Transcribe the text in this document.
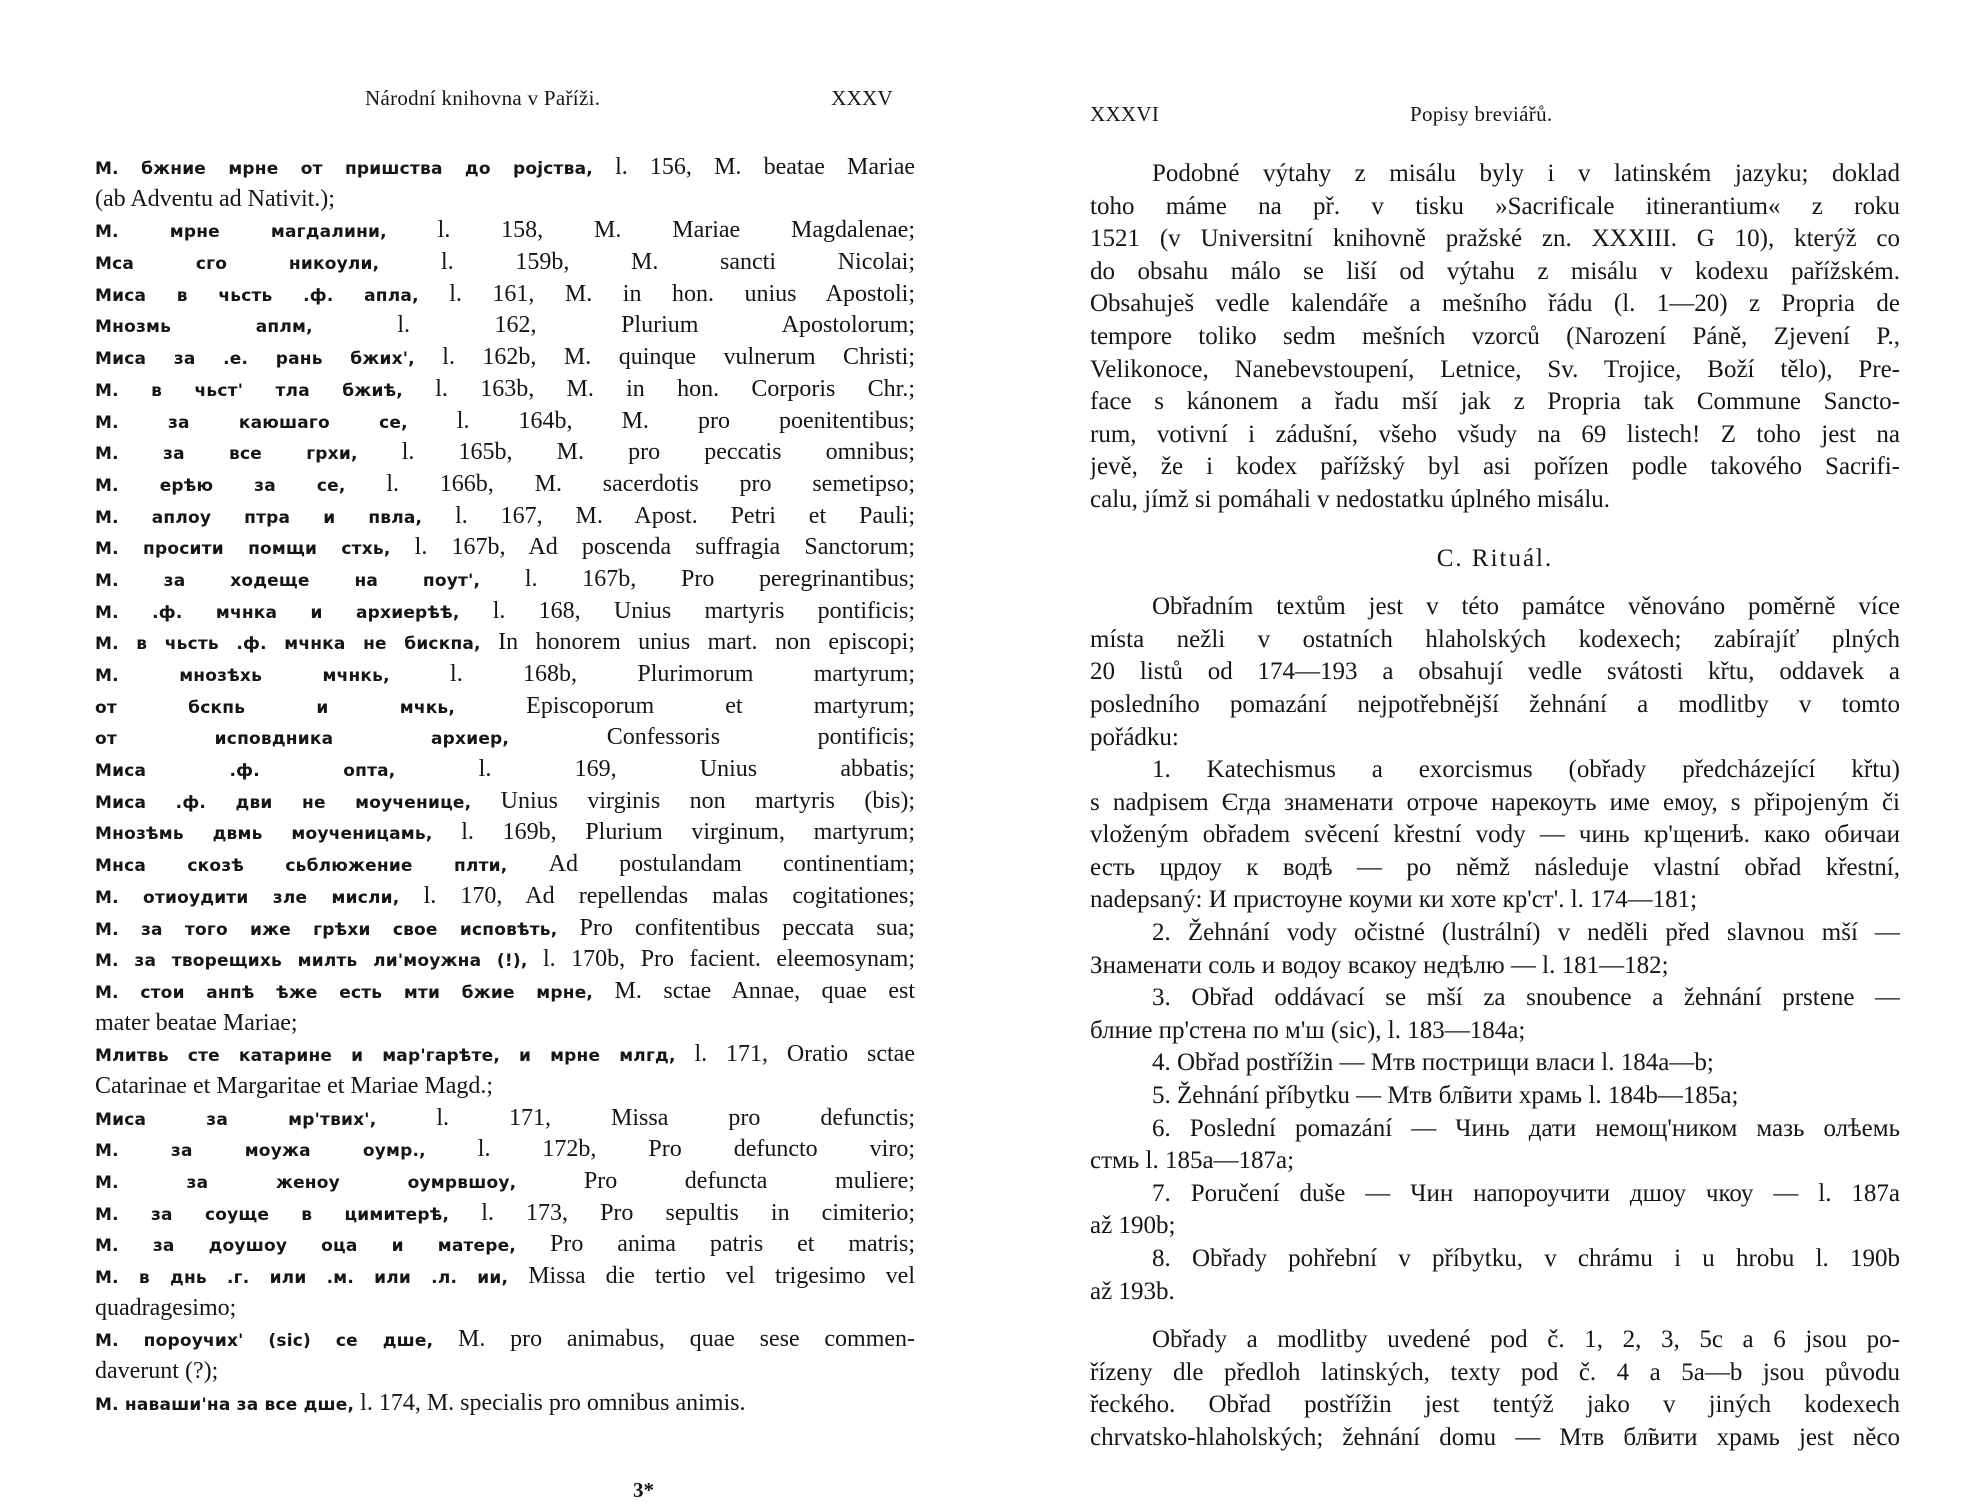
Národní knihovna v Paříži.	XXXV
М. бжние мрне от пришства до ројства, l. 156, M. beatae Mariae
(ab Adventu ad Nativit.);
М. мрне магдалини, l. 158, M. Mariae Magdalenae;
Мса сго никоули, l. 159b, M. sancti Nicolai;
Миса в чьсть .ф. апла, l. 161, M. in hon. unius Apostoli;
Мнозмь аплм, l. 162, Plurium Apostolorum;
Миса за .е. рань бжих', l. 162b, M. quinque vulnerum Christi;
М. в чьст' тла бжиѣ, l. 163b, M. in hon. Corporis Chr.;
М. за каюшаго се, l. 164b, M. pro poenitentibus;
М. за все грхи, l. 165b, M. pro peccatis omnibus;
М. ерѣю за се, l. 166b, M. sacerdotis pro semetipso;
М. аплоу птра и пвла, l. 167, M. Apost. Petri et Pauli;
М. просити помщи стхь, l. 167b, Ad poscenda suffragia Sanctorum;
М. за ходеще на поут', l. 167b, Pro peregrinantibus;
М. .ф. мчнка и архиерѣѣ, l. 168, Unius martyris pontificis;
М. в чьсть .ф. мчнка не бискпа, In honorem unius mart. non episcopi;
М. мнозѣхь мчнкь, l. 168b, Plurimorum martyrum;
от бскпь и мчкь, Episcoporum et martyrum;
от исповдника архиер, Confessoris pontificis;
Миса .ф. опта, l. 169, Unius abbatis;
Миса .ф. дви не моученице, Unius virginis non martyris (bis);
Мнозѣмь двмь моученицамь, l. 169b, Plurium virginum, martyrum;
Мнса скозѣ сьблюжение плти, Ad postulandam continentiam;
М. отиоудити зле мисли, l. 170, Ad repellendas malas cogitationes;
М. за того иже грѣхи свое исповѣть, Pro confitentibus peccata sua;
М. за творещихь милть ли'моужна (!), l. 170b, Pro facient. eleemosynam;
М. стои анпѣ ѣже есть мти бжие мрне, M. sctae Annae, quae est
mater beatae Mariae;
Млитвь сте катарине и мар'гарѣте, и мрне млгд, l. 171, Oratio sctae
Catarinae et Margaritae et Mariae Magd.;
Миса за мр'твих', l. 171, Missa pro defunctis;
М. за моужа оумр., l. 172b, Pro defuncto viro;
М. за женоу оумрвшоу, Pro defuncta muliere;
М. за соуще в цимитерѣ, l. 173, Pro sepultis in cimiterio;
М. за доушоу оца и матере, Pro anima patris et matris;
М. в днь .г. или .м. или .л. ии, Missa die tertio vel trigesimo vel
quadragesimo;
М. пороучих' (sic) се дше, M. pro animabus, quae sese commen-
daverunt (?);
М. наваши'на за все дше, l. 174, M. specialis pro omnibus animis.
3*
XXXVI	Popisy breviářů.
Podobné výtahy z misálu byly i v latinském jazyku; doklad
toho máme na př. v tisku »Sacrificale itinerantium« z roku
1521 (v Universitní knihovně pražské zn. XXXIII. G 10), kterýž co
do obsahu málo se liší od výtahu z misálu v kodexu pařížském.
Obsahuješ vedle kalendáře a mešního řádu (l. 1—20) z Propria de
tempore toliko sedm mešních vzorců (Narození Páně, Zjevení P.,
Velikonoce, Nanebevstoupení, Letnice, Sv. Trojice, Boží tělo), Pre-
face s kánonem a řadu mší jak z Propria tak Commune Sancto-
rum, votivní i zádušní, všeho všudy na 69 listech! Z toho jest na
jevě, že i kodex pařížský byl asi pořízen podle takového Sacrifi-
calu, jímž si pomáhali v nedostatku úplného misálu.
C. Rituál.
Obřadním textům jest v této památce věnováno poměrně více
místa nežli v ostatních hlaholských kodexech; zabírajíť plných
20 listů od 174—193 a obsahují vedle svátosti křtu, oddavek a
posledního pomazání nejpotřebnější žehnání a modlitby v tomto
pořádku:
1. Katechismus a exorcismus (obřady předcházející křtu)
s nadpisem Єгда знаменати отроче нарекоуть име емоу, s připojeným či
vloženým obřadem svěcení křestní vody — чинь кр'щениѣ. како обичаи
есть црдоу к водѣ — po němž následuje vlastní obřad křestní,
nadepsaný: И пристоуне коуми ки хоте кр'ст'. l. 174—181;
2. Žehnání vody očistné (lustrální) v neděli před slavnou mší —
Знаменати соль и водоу всакоу недѣлю — l. 181—182;
3. Obřad oddávací se mší za snoubence a žehnání prstene —
блние пр'стена по м'ш (sic), l. 183—184a;
4. Obřad postřížin — Мтв пострищи власи l. 184a—b;
5. Žehnání příbytku — Мтв бл̃вити храмь l. 184b—185a;
6. Poslední pomazání — Чинь дати немощ'ником мазь олѣемь
стмь l. 185a—187a;
7. Poručení duše — Чин напороучити дшоу чкоу — l. 187a
až 190b;
8. Obřady pohřební v příbytku, v chrámu i u hrobu l. 190b
až 193b.
Obřady a modlitby uvedené pod č. 1, 2, 3, 5c a 6 jsou po-
řízeny dle předloh latinských, texty pod č. 4 a 5a—b jsou původu
řeckého. Obřad postřížin jest tentýž jako v jiných kodexech
chrvatsko-hlaholských; žehnání domu — Мтв бл̃вити храмь jest něco
